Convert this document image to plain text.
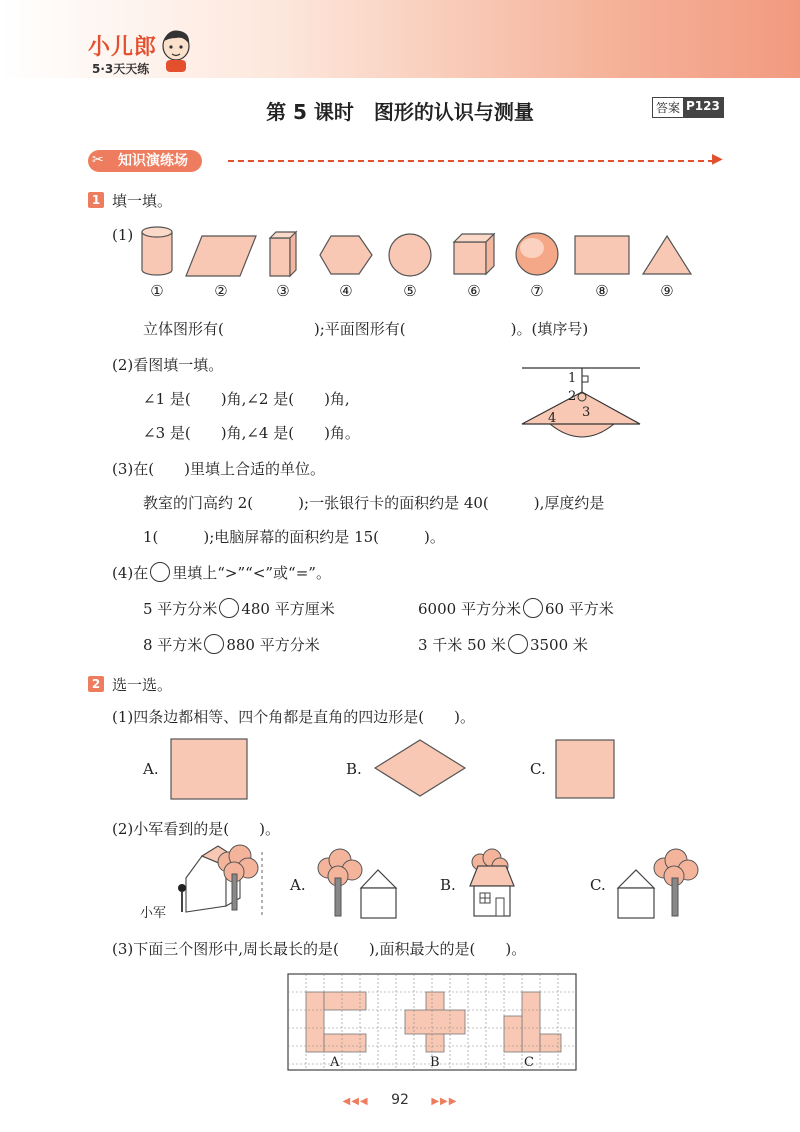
小儿郎
5·3天天练
第 5 课时　图形的认识与测量	答案 P123
知识演练场
✂	▶
1 填一填。
(1)
①	②	③	④	⑤	⑥	⑦	⑧	⑨
立体图形有(　　　　　　);平面图形有(　　　　　　　)。(填序号)
(2)看图填一填。
∠1 是(　　)角,∠2 是(　　)角,
∠3 是(　　)角,∠4 是(　　)角。
1
2
3
4
(3)在(　　)里填上合适的单位。
教室的门高约 2(　　　);一张银行卡的面积约是 40(　　　),厚度约是
1(　　　);电脑屏幕的面积约是 15(　　　)。
(4)在 里填上“>”“<”或“=”。
5 平方分米 480 平方厘米	6000 平方分米 60 平方米
8 平方米 880 平方分米	3 千米 50 米 3500 米
2 选一选。
(1)四条边都相等、四个角都是直角的四边形是(　　)。
A.	B.	C.
(2)小军看到的是(　　)。
小军
A.	B.	C.
(3)下面三个图形中,周长最长的是(　　),面积最大的是(　　)。
A	B	C
◀◀◀ 92 ▶▶▶
